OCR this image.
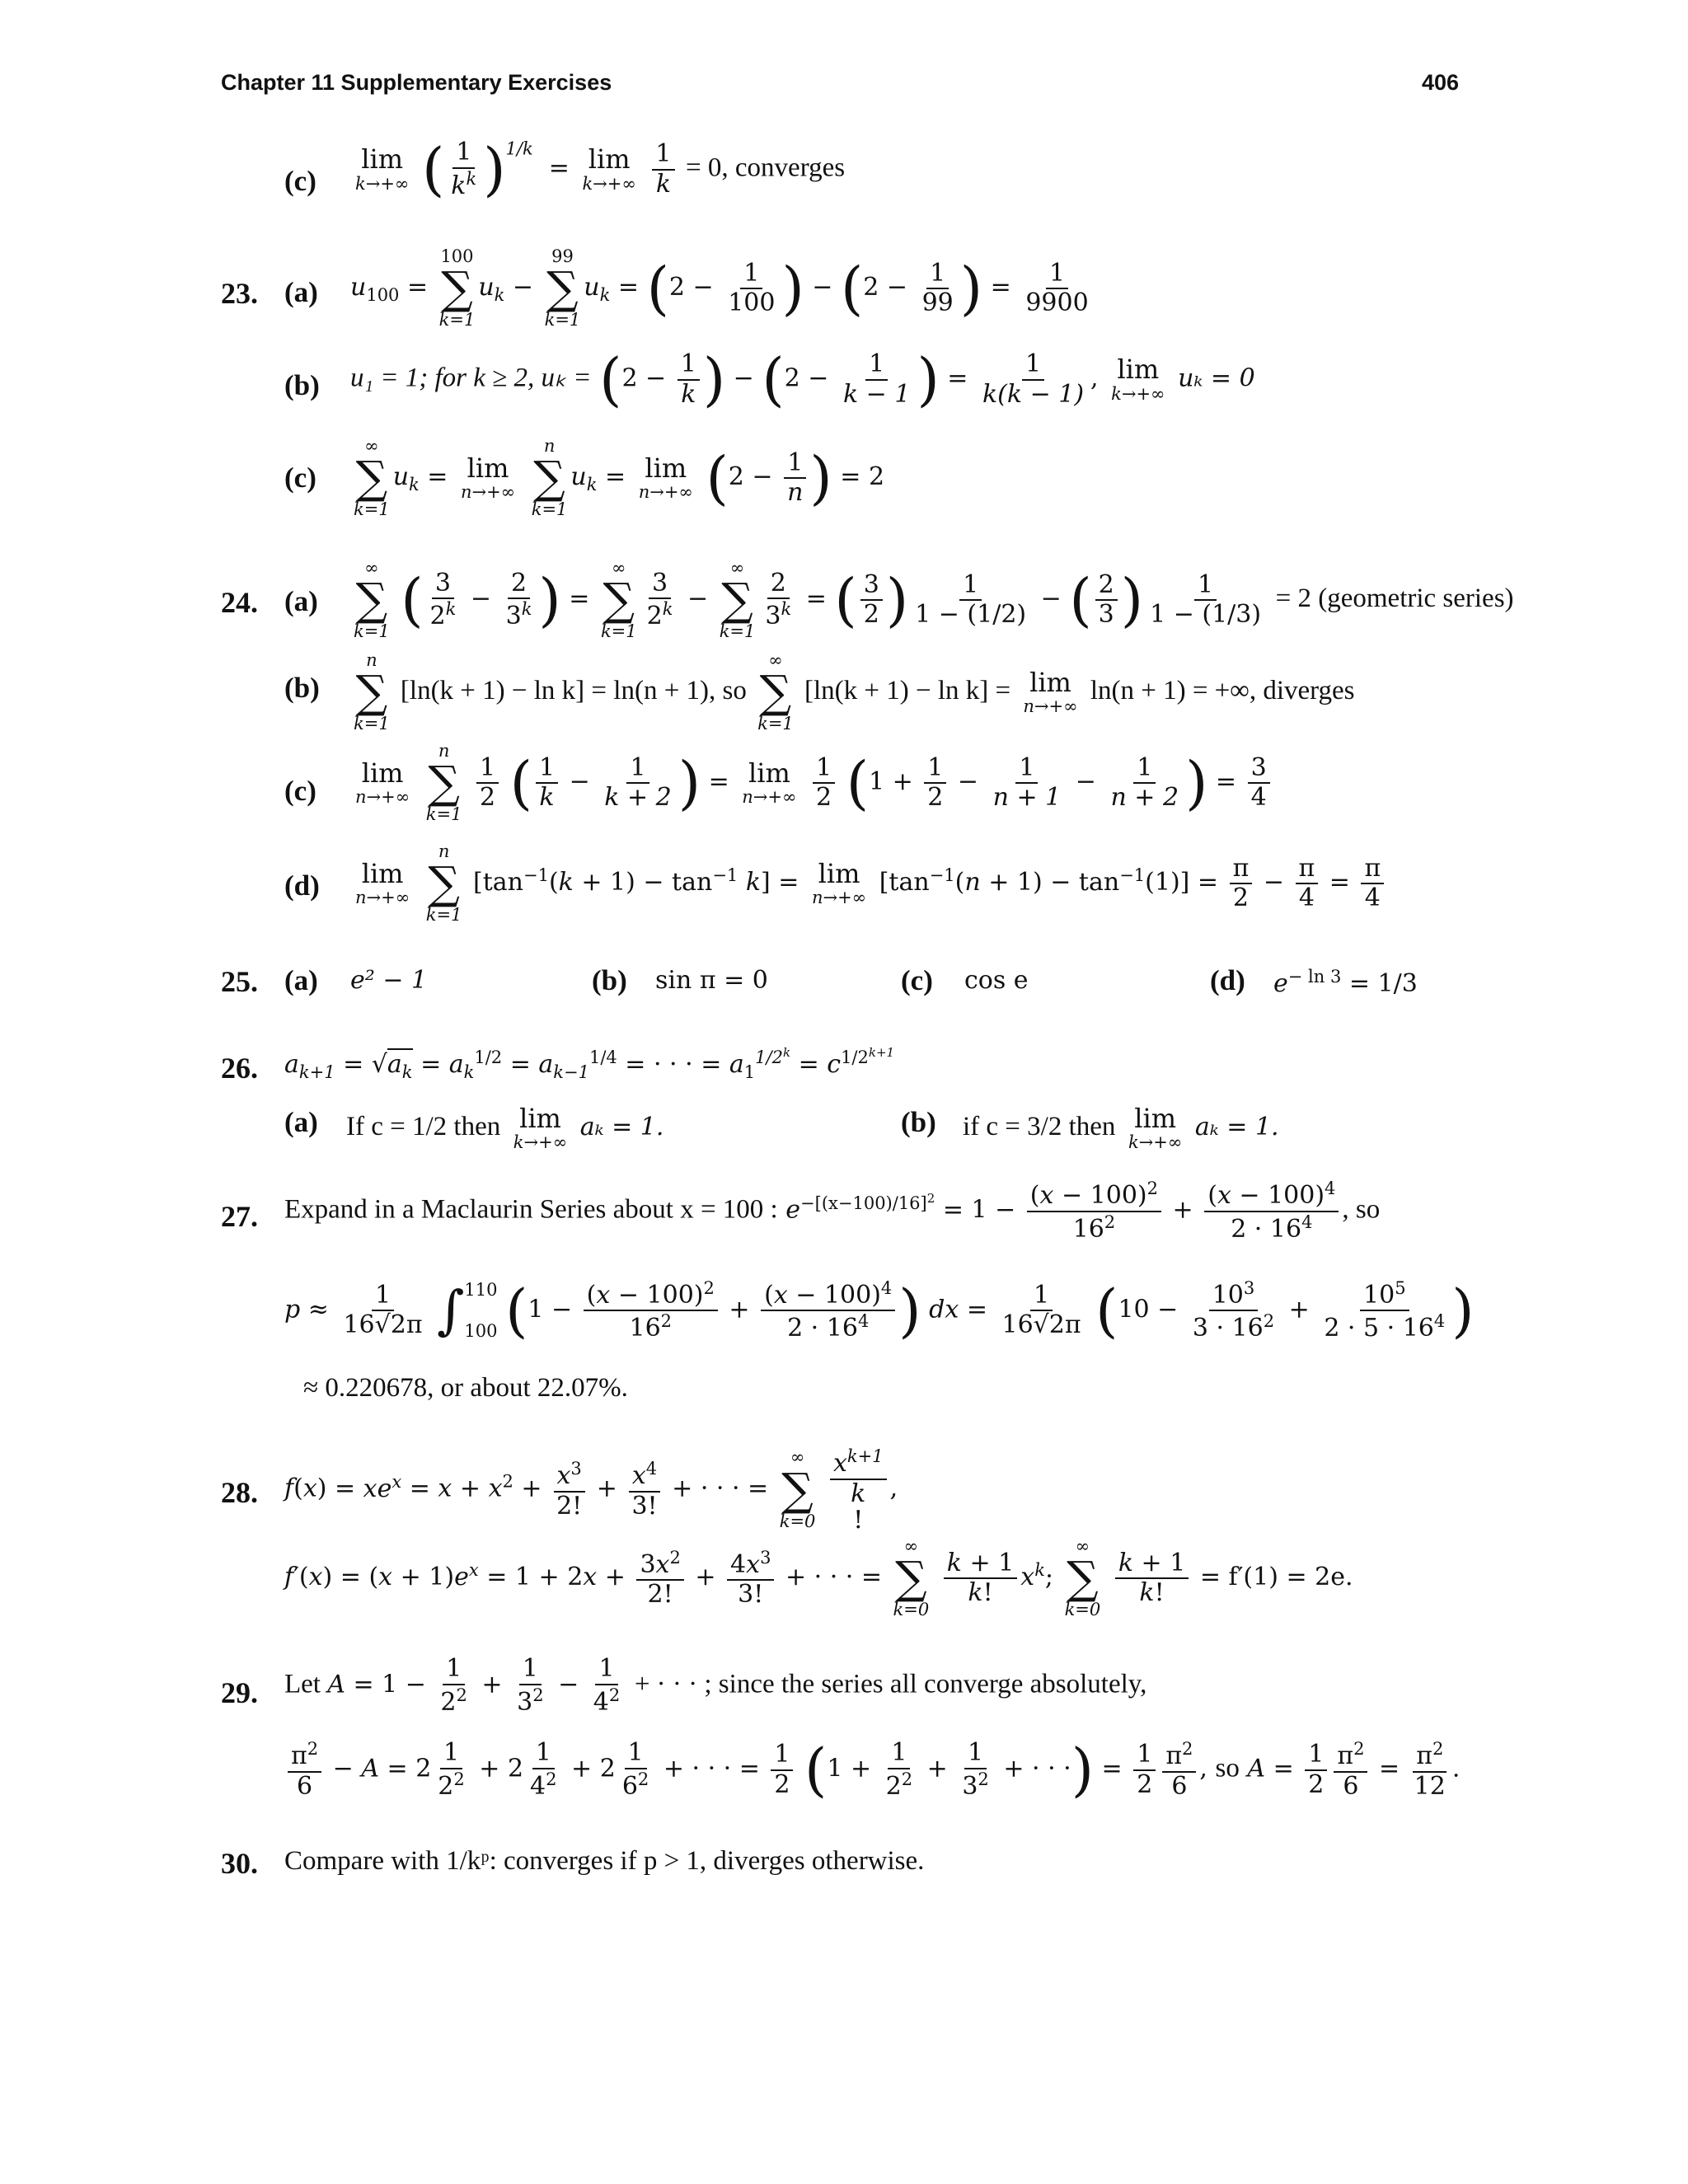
Chapter 11 Supplementary Exercises	406
(c)
lim
k→+∞ ( $\frac{1}{k^k} )^{1/k} = \lim$
k→+∞
$\frac{1}{k} = 0$, converges
23. (a) $u_{100}$ =
100
∑
k=1
$u_k$ −
99
∑
k=1
$u_k = (2 - \frac{1}{100}$ ) − ($2 - \frac{1}{99}$ ) = $\frac{1}{9900}$
(b) u₁ = 1; for k ≥ 2, $u_k = (2 - \frac{1}{k}$ ) − ($2 - \frac{1}{k - 1}$ ) = $\frac{1}{k(k - 1)}$ , lim
k→+∞
uₖ = 0
(c)
∞
∑
k=1
$u_k = \lim$
n→+∞

n
∑
k=1
$u_k = \lim$
n→+∞ ($2 - \frac{1}{n}$ ) = 2
24. (a)
∞
∑
k=1 ( $\frac{3}{2^k} - \frac{2}{3^k}$ ) =
∞
∑
k=1
$\frac{3}{2^k}$ −
∞
∑
k=1
$\frac{2}{3^k}$ = ( $\frac{3}{2}$ ) $\frac{1}{1 - (1/2)}$ − ( $\frac{2}{3}$ ) $\frac{1}{1 - (1/3)} = 2$ (geometric series)
(b)
n
∑
k=1
[ln(k + 1) − ln k] = ln(n + 1), so
∞
∑
k=1
[ln(k + 1) − ln k] = lim
n→+∞
ln(n + 1) = +∞, diverges
(c)
lim
n→+∞

n
∑
k=1

$\frac{1}{2}$ ( $\frac{1}{k} - \frac{1}{k + 2}$ ) = lim
n→+∞
$\frac{1}{2} (1 + \frac{1}{2} - \frac{1}{n + 1} - \frac{1}{n + 2}$ ) = $\frac{3}{4}$
(d) lim
n→+∞

n
∑
k=1
$[\tan^{-1}(k + 1) - \tan^{-1} k] = \lim$
n→+∞
$[\tan^{-1}(n + 1) - \tan^{-1}(1)] = \frac{\pi}{2} - \frac{\pi}{4} = \frac{\pi}{4}$
25. (a) e² − 1	(b) sin π = 0	(c) cos e	(d) $e^{- ln 3} = 1/3$
26. $a_{k+1} = √a_k = a_k^{1/2} = a_{k-1}^{1/4}$ = · · · = $a_1^{1/2^k} = c^{1/2^{k+1}}$
(a) If c = 1/2 then lim
k→+∞
aₖ = 1.	(b) if c = 3/2 then lim
k→+∞
aₖ = 1.
27. Expand in a Maclaurin Series about x = 100 : $e^{-[(x-100)/16]^2} = 1 - \frac{(x - 100)^2}{16^2} + \frac{(x - 100)^4}{2 \cdot 16^4}$ , so
$p \approx \frac{1}{16√2\pi}$ ∫ 110
100 ($1 - \frac{(x - 100)^2}{16^2} + \frac{(x - 100)^4}{2 \cdot 16^4}$ ) dx = $\frac{1}{16√2\pi} (10 - \frac{10^3}{3 \cdot 16^2} + \frac{10^5}{2 \cdot 5 \cdot 16^4}$ )
≈ 0.220678, or about 22.07%.
28. $f(x) = xe^x = x + x^2 + \frac{x^3}{2!} + \frac{x^4}{3!}$ + · · · =
∞
∑
k=0

$x^{k+1}$
k
!,
$f'(x) = (x + 1)e^x = 1 + 2x + \frac{3x^2}{2!} + \frac{4x^3}{3!}$ + · · · =
∞
∑
k=0

$\frac{k + 1}{k!} x^k$;
∞
∑
k=0

$\frac{k + 1}{k!} = f'(1) = 2e$.
29. Let $A = 1 - \frac{1}{2^2} + \frac{1}{3^2} - \frac{1}{4^2}$ + · · · ; since the series all converge absolutely,
$\frac{\pi^2}{6} - A = 2 \frac{1}{2^2} + 2 \frac{1}{4^2} + 2 \frac{1}{6^2}$ + · · · = $\frac{1}{2} (1 + \frac{1}{2^2} + \frac{1}{3^2}$ + · · ·) = $\frac{1}{2} \frac{\pi^2}{6}$ , so $A = \frac{1}{2} \frac{\pi^2}{6} = \frac{\pi^2}{12}$ .
30. Compare with 1/kᵖ: converges if p > 1, diverges otherwise.
